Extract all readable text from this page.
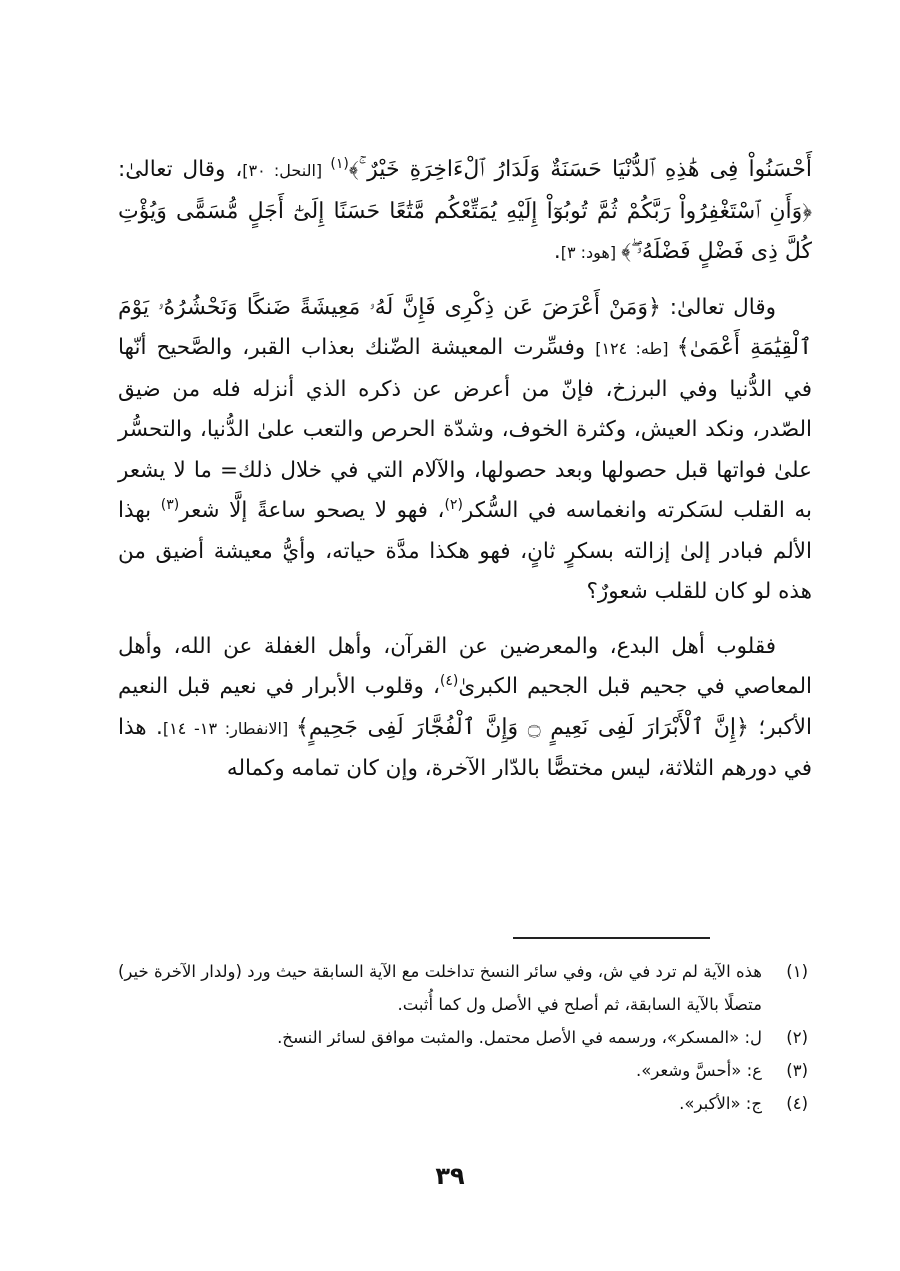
أَحْسَنُواْ فِى هَٰذِهِ ٱلدُّنْيَا حَسَنَةٌ وَلَدَارُ ٱلْءَاخِرَةِ خَيْرٌ ۚ﴾$^{(١)}$ [النحل: ٣٠]، وقال تعالىٰ: ﴿وَأَنِ ٱسْتَغْفِرُواْ رَبَّكُمْ ثُمَّ تُوبُوٓاْ إِلَيْهِ يُمَتِّعْكُم مَّتَٰعًا حَسَنًا إِلَىٰٓ أَجَلٍ مُّسَمًّى وَيُؤْتِ كُلَّ ذِى فَضْلٍ فَضْلَهُۥ ۖ﴾ [هود: ٣].

وقال تعالىٰ: ﴿وَمَنْ أَعْرَضَ عَن ذِكْرِى فَإِنَّ لَهُۥ مَعِيشَةً ضَنكًا وَنَحْشُرُهُۥ يَوْمَ ٱلْقِيَٰمَةِ أَعْمَىٰ﴾ [طه: ١٢٤] وفسِّرت المعيشة الضّنك بعذاب القبر، والصَّحيح أنّها في الدُّنيا وفي البرزخ، فإنّ من أعرض عن ذكره الذي أنزله فله من ضيق الصّدر، ونكد العيش، وكثرة الخوف، وشدّة الحرص والتعب علىٰ الدُّنيا، والتحسُّر علىٰ فواتها قبل حصولها وبعد حصولها، والآلام التي في خلال ذلك= ما لا يشعر به القلب لسَكرته وانغماسه في السُّكر$^{(٢)}$، فهو لا يصحو ساعةً إلَّا شعر$^{(٣)}$ بهذا الألم فبادر إلىٰ إزالته بسكرٍ ثانٍ، فهو هكذا مدَّة حياته، وأيُّ معيشة أضيق من هذه لو كان للقلب شعورٌ؟

فقلوب أهل البدع، والمعرضين عن القرآن، وأهل الغفلة عن الله، وأهل المعاصي في جحيم قبل الجحيم الكبرىٰ$^{(٤)}$، وقلوب الأبرار في نعيم قبل النعيم الأكبر؛ ﴿إِنَّ ٱلْأَبْرَارَ لَفِى نَعِيمٍ ۝ وَإِنَّ ٱلْفُجَّارَ لَفِى جَحِيمٍ﴾ [الانفطار: ١٣- ١٤]. هذا في دورهم الثلاثة، ليس مختصًّا بالدّار الآخرة، وإن كان تمامه وكماله

(١)
هذه الآية لم ترد في ش، وفي سائر النسخ تداخلت مع الآية السابقة حيث ورد (ولدار الآخرة خير) متصلًا بالآية السابقة، ثم أصلح في الأصل ول كما أُثبت.
(٢)
ل: «المسكر»، ورسمه في الأصل محتمل. والمثبت موافق لسائر النسخ.
(٣)
ع: «أحسَّ وشعر».
(٤)
ج: «الأكبر».
٣٩
